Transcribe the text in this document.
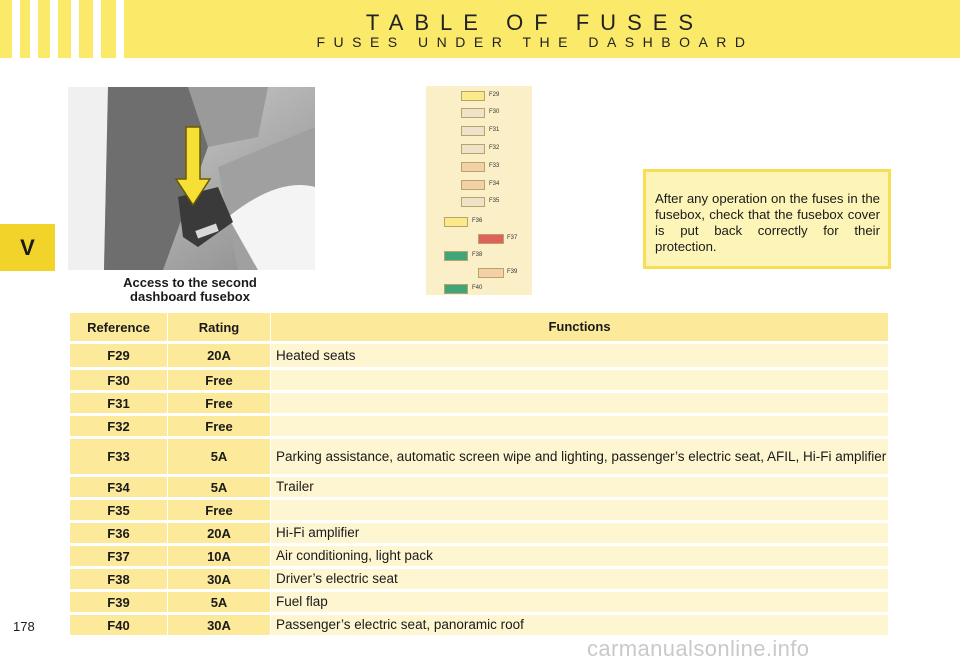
TABLE OF FUSES
FUSES UNDER THE DASHBOARD
V
Access to the second
dashboard fusebox
F29
F30
F31
F32
F33
F34
F35
F36
F37
F38
F39
F40
After any operation on the fuses in the fusebox, check that the fusebox cover is put back correctly for their protection.
Reference	Rating	Functions
F29	20A	Heated seats
F30	Free
F31	Free
F32	Free
F33	5A	Parking assistance, automatic screen wipe and lighting, passenger’s electric seat, AFIL, Hi-Fi amplifier
F34	5A	Trailer
F35	Free
F36	20A	Hi-Fi amplifier
F37	10A	Air conditioning, light pack
F38	30A	Driver’s electric seat
F39	5A	Fuel flap
F40	30A	Passenger’s electric seat, panoramic roof
178
carmanualsonline.info
